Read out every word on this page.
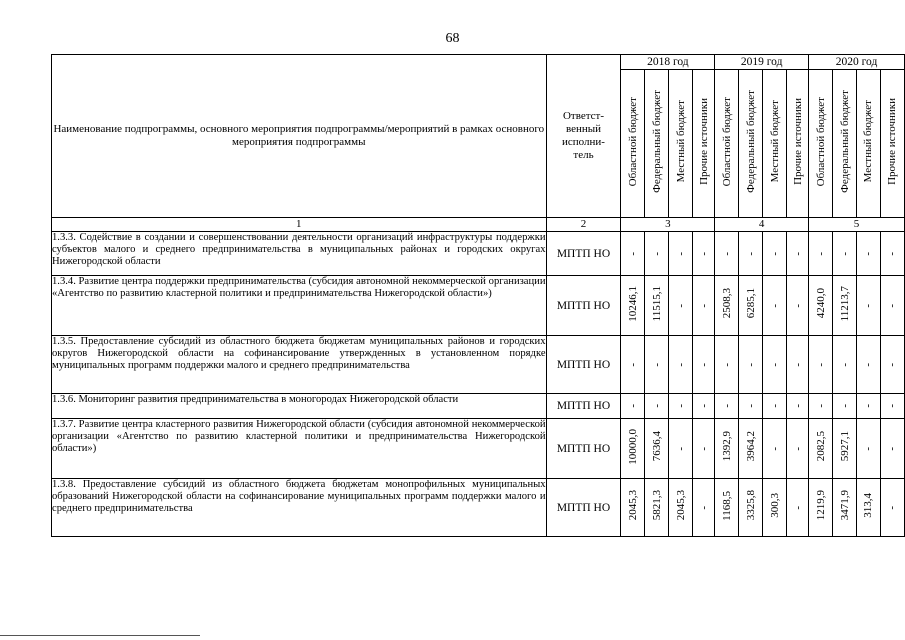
68
Наименование подпрограммы, основного мероприятия подпрограммы/мероприятий в рамках основного мероприятия подпрограммы	Ответст-
венный
исполни-
тель	2018 год				2019 год				2020 год			
		Областной бюджет	Федеральный бюджет	Местный бюджет	Прочие источники	Областной бюджет	Федеральный бюджет	Местный бюджет	Прочие источники	Областной бюджет	Федеральный бюджет	Местный бюджет	Прочие источники
1	2	3				4				5			
1.3.3. Содействие в создании и совершенствовании деятельности организаций инфраструктуры поддержки субъектов малого и среднего предпринимательства в муниципальных районах и городских округах Нижегородской области	МПТП НО	-	-	-	-	-	-	-	-	-	-	-	-
1.3.4. Развитие центра поддержки предпринимательства (субсидия автономной некоммерческой организации «Агентство по развитию кластерной политики и предпринимательства Нижегородской области»)	МПТП НО	10246,1	11515,1	-	-	2508,3	6285,1	-	-	4240,0	11213,7	-	-
1.3.5. Предоставление субсидий из областного бюджета бюджетам муниципальных районов и городских округов Нижегородской области на софинансирование утвержденных в установленном порядке муниципальных программ поддержки малого и среднего предпринимательства	МПТП НО	-	-	-	-	-	-	-	-	-	-	-	-
1.3.6. Мониторинг развития предпринимательства в моногородах Нижегородской области	МПТП НО	-	-	-	-	-	-	-	-	-	-	-	-
1.3.7. Развитие центра кластерного развития Нижегородской области (субсидия автономной некоммерческой организации «Агентство по развитию кластерной политики и предпринимательства Нижегородской области»)	МПТП НО	10000,0	7636,4	-	-	1392,9	3964,2	-	-	2082,5	5927,1	-	-
1.3.8. Предоставление субсидий из областного бюджета бюджетам монопрофильных муниципальных образований Нижегородской области на софинансирование муниципальных программ поддержки малого и среднего предпринимательства	МПТП НО	2045,3	5821,3	2045,3	-	1168,5	3325,8	300,3	-	1219,9	3471,9	313,4	-
